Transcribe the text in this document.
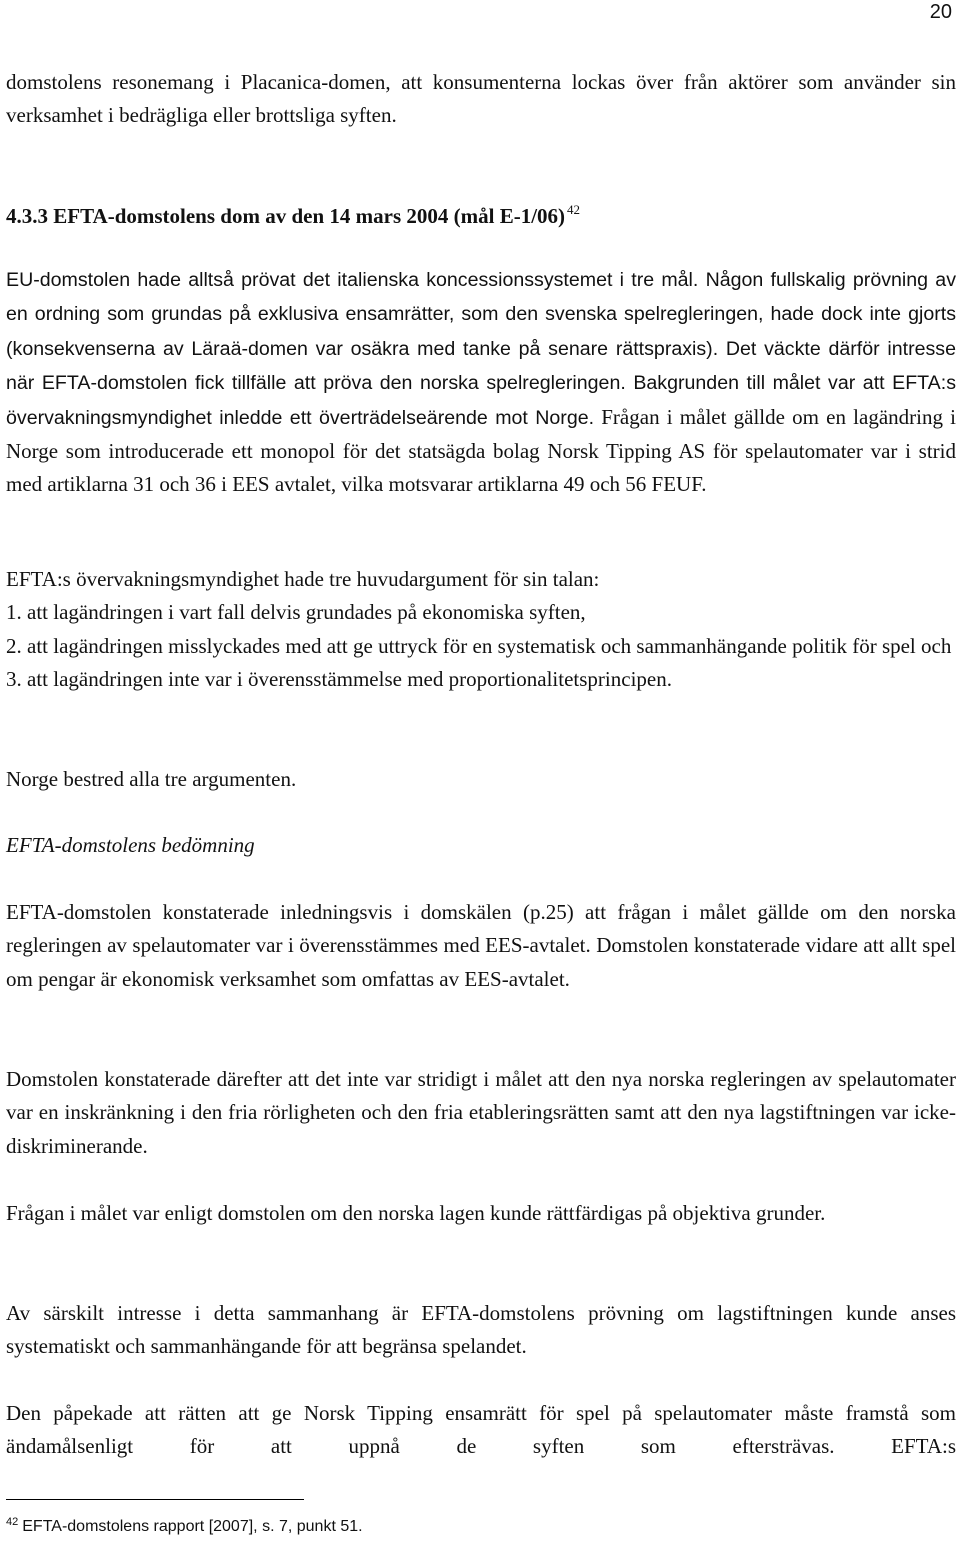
20

domstolens resonemang i Placanica-domen, att konsumenterna lockas över från aktörer som använder sin verksamhet i bedrägliga eller brottsliga syften.

4.3.3 EFTA-domstolens dom av den 14 mars 2004 (mål E-1/06) $^{42}$

EU-domstolen hade alltså prövat det italienska koncessionssystemet i tre mål. Någon fullskalig prövning av en ordning som grundas på exklusiva ensamrätter, som den svenska spelregleringen, hade dock inte gjorts (konsekvenserna av Läraä-domen var osäkra med tanke på senare rättspraxis). Det väckte därför intresse när EFTA-domstolen fick tillfälle att pröva den norska spelregleringen. Bakgrunden till målet var att EFTA:s övervakningsmyndighet inledde ett överträdelseärende mot Norge. Frågan i målet gällde om en lagändring i Norge som introducerade ett monopol för det statsägda bolag Norsk Tipping AS för spelautomater var i strid med artiklarna 31 och 36 i EES avtalet, vilka motsvarar artiklarna 49 och 56 FEUF.

EFTA:s övervakningsmyndighet hade tre huvudargument för sin talan:

1. att lagändringen i vart fall delvis grundades på ekonomiska syften,

2. att lagändringen misslyckades med att ge uttryck för en systematisk och sammanhängande politik för spel och

3. att lagändringen inte var i överensstämmelse med proportionalitetsprincipen.

Norge bestred alla tre argumenten.

EFTA-domstolens bedömning

EFTA-domstolen konstaterade inledningsvis i domskälen (p.25) att frågan i målet gällde om den norska regleringen av spelautomater var i överensstämmes med EES-avtalet. Domstolen konstaterade vidare att allt spel om pengar är ekonomisk verksamhet som omfattas av EES-avtalet.

Domstolen konstaterade därefter att det inte var stridigt i målet att den nya norska regleringen av spelautomater var en inskränkning i den fria rörligheten och den fria etableringsrätten samt att den nya lagstiftningen var icke-diskriminerande.

Frågan i målet var enligt domstolen om den norska lagen kunde rättfärdigas på objektiva grunder.

Av särskilt intresse i detta sammanhang är EFTA-domstolens prövning om lagstiftningen kunde anses systematiskt och sammanhängande för att begränsa spelandet.

Den påpekade att rätten att ge Norsk Tipping ensamrätt för spel på spelautomater måste framstå som ändamålsenligt för att uppnå de syften som eftersträvas. EFTA:s

$^{42}$ EFTA-domstolens rapport [2007], s. 7, punkt 51.
